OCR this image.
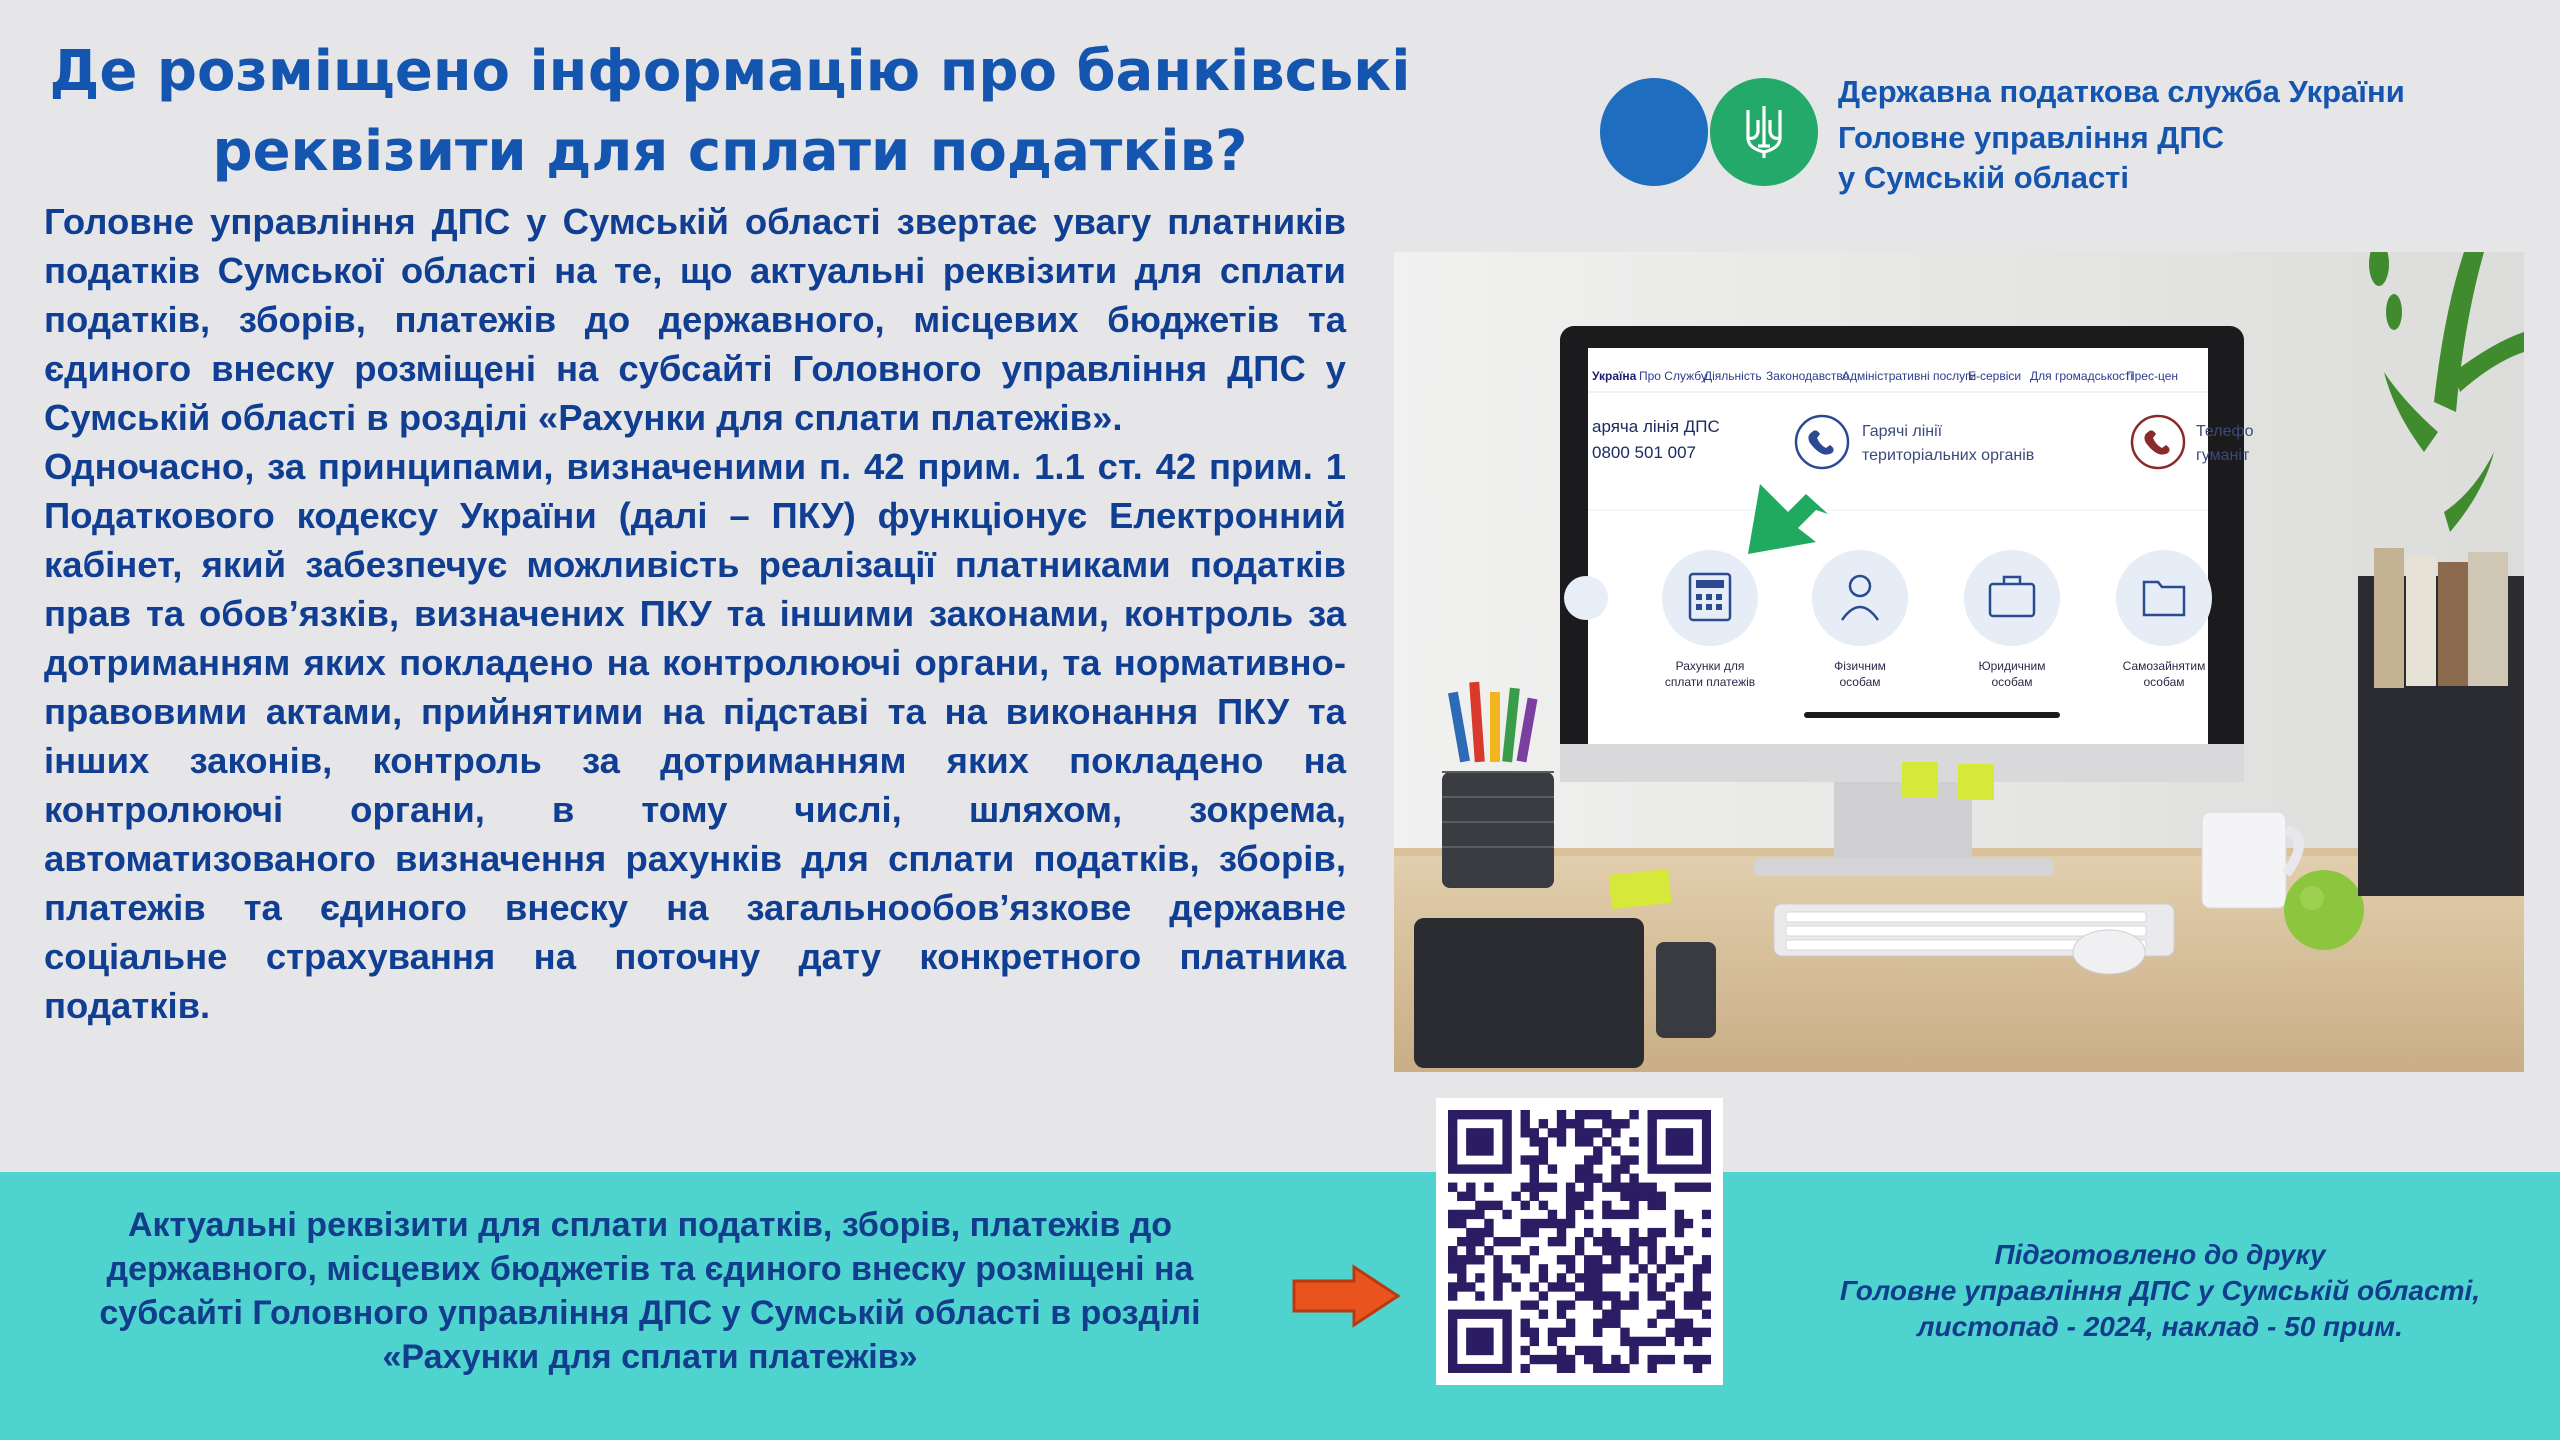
Де розміщено інформацію про банківські
реквізити для сплати податків?
Державна податкова служба України
Головне управління ДПС
у Сумській області

Головне управління ДПС у Сумській області звертає увагу платників податків Сумської області на те, що актуальні реквізити для сплати податків, зборів, платежів до державного, місцевих бюджетів та єдиного внеску розміщені на субсайті Головного управління ДПС у Сумській області в розділі «Рахунки для сплати платежів».

Одночасно, за принципами, визначеними п. 42 прим. 1.1 ст. 42 прим. 1 Податкового кодексу України (далі – ПКУ) функціонує Електронний кабінет, який забезпечує можливість реалізації платниками податків прав та обов’язків, визначених ПКУ та іншими законами, контроль за дотриманням яких покладено на контролюючі органи, та нормативно-правовими актами, прийнятими на підставі та на виконання ПКУ та інших законів, контроль за дотриманням яких покладено на контролюючі органи, в тому числі, шляхом, зокрема, автоматизованого визначення рахунків для сплати податків, зборів, платежів та єдиного внеску на загальнообов’язкове державне соціальне страхування на поточну дату конкретного платника податків.

Україна Про Службу
Діяльність Законодавство
Адміністративні послуги
Е-сервіси Для громадськості
Прес-цен
аряча лінія ДПС
0800 501 007
Гарячі лінії
територіальних органів
Телефо
гуманіт
Рахунки для
сплати платежів
Фізичним
особам
Юридичним
особам
Самозайнятим
особам
Актуальні реквізити для сплати податків, зборів, платежів до
державного, місцевих бюджетів та єдиного внеску розміщені на
субсайті Головного управління ДПС у Сумській області в розділі
«Рахунки для сплати платежів»
Підготовлено до друку
Головне управління ДПС у Сумській області,
листопад - 2024, наклад - 50 прим.
